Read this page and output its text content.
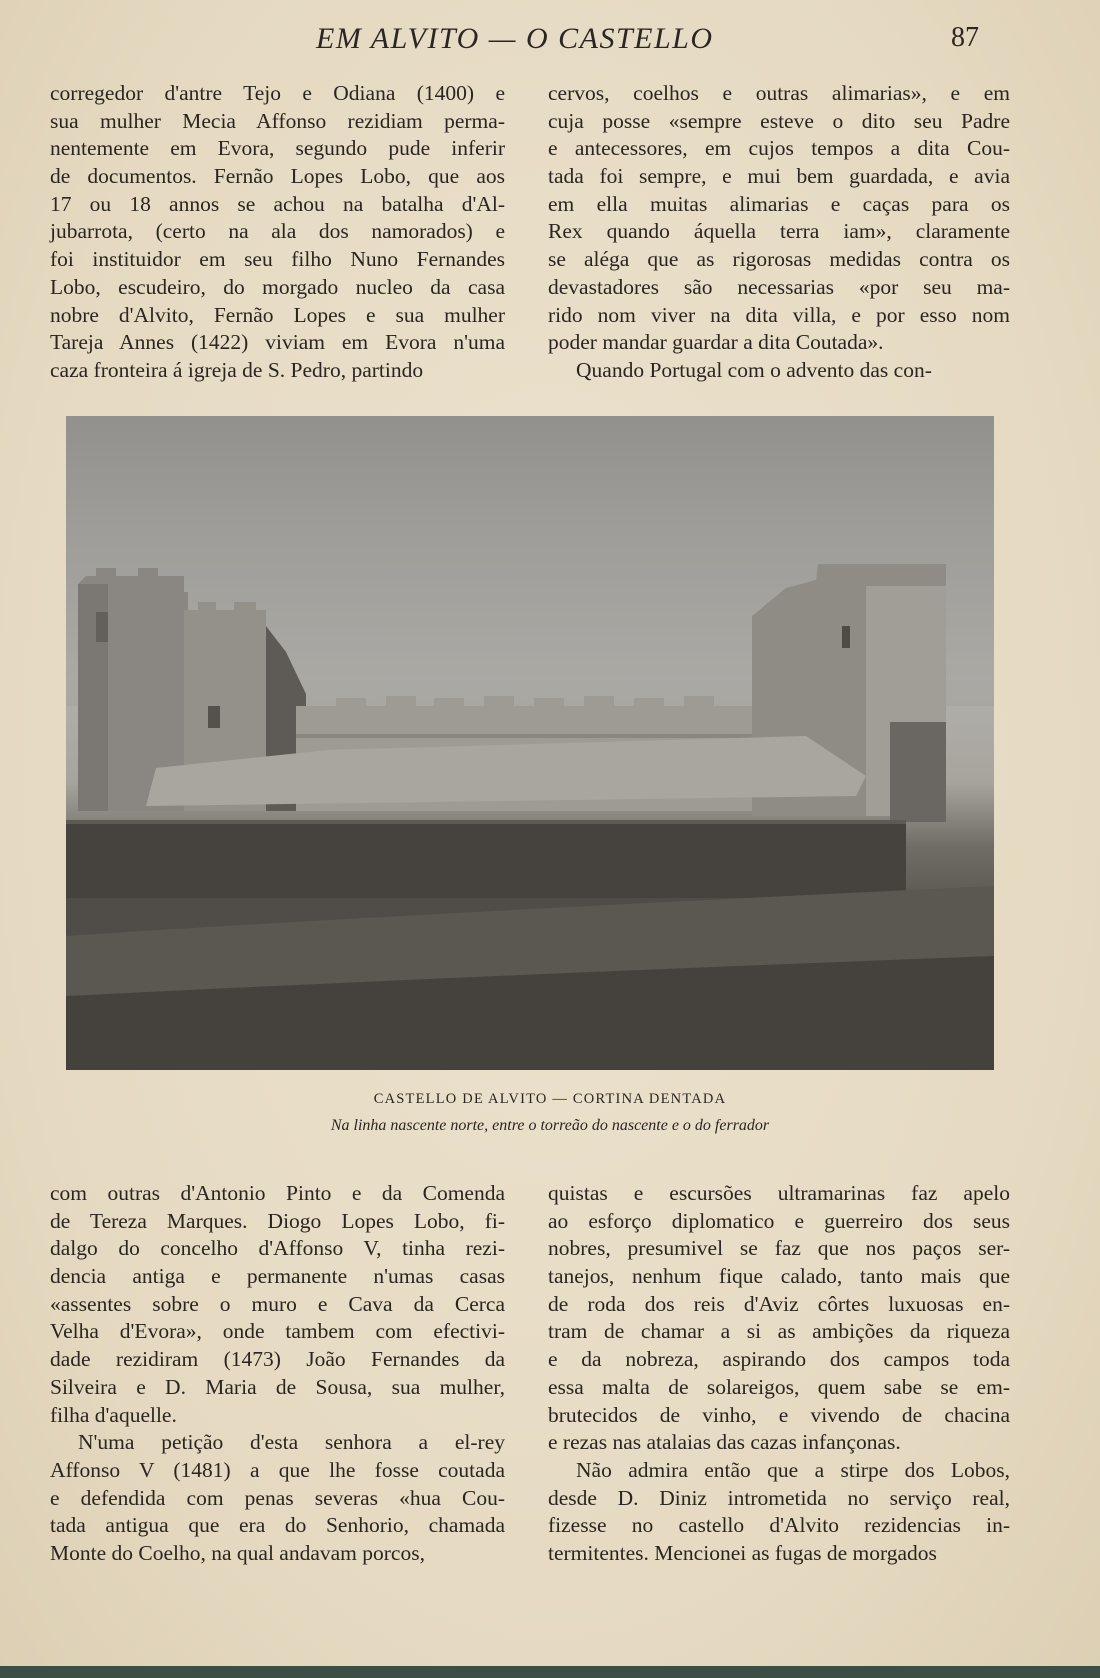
EM ALVITO — O CASTELLO	87
corregedor d'antre Tejo e Odiana (1400) e
sua mulher Mecia Affonso rezidiam perma-
nentemente em Evora, segundo pude inferir
de documentos. Fernão Lopes Lobo, que aos
17 ou 18 annos se achou na batalha d'Al-
jubarrota, (certo na ala dos namorados) e
foi instituidor em seu filho Nuno Fernandes
Lobo, escudeiro, do morgado nucleo da casa
nobre d'Alvito, Fernão Lopes e sua mulher
Tareja Annes (1422) viviam em Evora n'uma
caza fronteira á igreja de S. Pedro, partindo
cervos, coelhos e outras alimarias», e em
cuja posse «sempre esteve o dito seu Padre
e antecessores, em cujos tempos a dita Cou-
tada foi sempre, e mui bem guardada, e avia
em ella muitas alimarias e caças para os
Rex quando áquella terra iam», claramente
se aléga que as rigorosas medidas contra os
devastadores são necessarias «por seu ma-
rido nom viver na dita villa, e por esso nom
poder mandar guardar a dita Coutada».
Quando Portugal com o advento das con-
CASTELLO DE ALVITO — CORTINA DENTADA
Na linha nascente norte, entre o torreão do nascente e o do ferrador
com outras d'Antonio Pinto e da Comenda
de Tereza Marques. Diogo Lopes Lobo, fi-
dalgo do concelho d'Affonso V, tinha rezi-
dencia antiga e permanente n'umas casas
«assentes sobre o muro e Cava da Cerca
Velha d'Evora», onde tambem com efectivi-
dade rezidiram (1473) João Fernandes da
Silveira e D. Maria de Sousa, sua mulher,
filha d'aquelle.
N'uma petição d'esta senhora a el-rey
Affonso V (1481) a que lhe fosse coutada
e defendida com penas severas «hua Cou-
tada antigua que era do Senhorio, chamada
Monte do Coelho, na qual andavam porcos,
quistas e escursões ultramarinas faz apelo
ao esforço diplomatico e guerreiro dos seus
nobres, presumivel se faz que nos paços ser-
tanejos, nenhum fique calado, tanto mais que
de roda dos reis d'Aviz côrtes luxuosas en-
tram de chamar a si as ambições da riqueza
e da nobreza, aspirando dos campos toda
essa malta de solareigos, quem sabe se em-
brutecidos de vinho, e vivendo de chacina
e rezas nas atalaias das cazas infançonas.
Não admira então que a stirpe dos Lobos,
desde D. Diniz intrometida no serviço real,
fizesse no castello d'Alvito rezidencias in-
termitentes. Mencionei as fugas de morgados
